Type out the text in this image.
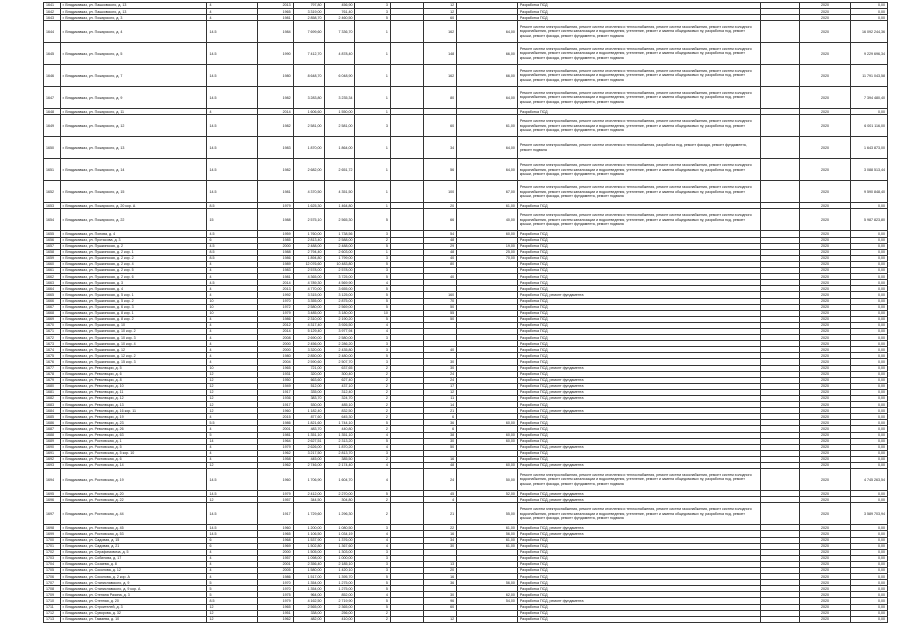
1641	г. Владикавказ, ул. Пашковского, д. 13	4	2013	797,80	456,90	3		12		Разработка ПСД		2020	0,00
1642	г. Владикавказ, ул. Пашковского, д. 13	4	1965	3 319,00	761,40	3		12		Разработка ПСД		2020	0,00
1643	г. Владикавказ, ул. Пожарского, д. 3	4	1981	2 858,70	2 460,50	5		60		Разработка ПСД		2020	0,00
1644	г. Владикавказ, ул. Пожарского, д. 4	14.5	1984	7 699,60	7 336,70	1		162	64,00	Ремонт систем электроснабжения, ремонт систем отопления и теплоснабжения, ремонт систем газоснабжения, ремонт систем холодного водоснабжения, ремонт систем канализации и водоотведения, утепление, ремонт и замена общедомовых пу, разработка псд, ремонт крыши, ремонт фасада, ремонт фундамента, ремонт подвала		2020	16 092 244,36
1645	г. Владикавказ, ул. Пожарского, д. 5	14.5	1990	7 412,70	4 878,40	1		148	66,00	Ремонт систем электроснабжения, ремонт систем отопления и теплоснабжения, ремонт систем газоснабжения, ремонт систем холодного водоснабжения, ремонт систем канализации и водоотведения, утепление, ремонт и замена общедомовых пу, разработка псд, ремонт крыши, ремонт фасада, ремонт фундамента, ремонт подвала		2020	9 229 696,34
1646	г. Владикавказ, ул. Пожарского, д. 7	14.5	1980	8 648,70	6 048,90	1		162	66,00	Ремонт систем электроснабжения, ремонт систем отопления и теплоснабжения, ремонт систем газоснабжения, ремонт систем холодного водоснабжения, ремонт систем канализации и водоотведения, утепление, ремонт и замена общедомовых пу, разработка псд, ремонт крыши, ремонт фасада, ремонт фундамента, ремонт подвала		2020	11 791 043,58
1647	г. Владикавказ, ул. Пожарского, д. 9	14.5	1982	3 283,80	3 235,34	1		80	64,00	Ремонт систем электроснабжения, ремонт систем отопления и теплоснабжения, ремонт систем газоснабжения, ремонт систем холодного водоснабжения, ремонт систем канализации и водоотведения, утепление, ремонт и замена общедомовых пу, разработка псд, ремонт крыши, ремонт фасада, ремонт фундамента, ремонт подвала		2020	7 394 480,40
1648	г. Владикавказ, ул. Пожарского, д. 11	4	2014	1 606,60	1 550,00	1				Разработка ПСД		2020	0,00
1649	г. Владикавказ, ул. Пожарского, д. 12	14.5	1982	2 581,00	2 581,00	3		60	61,00	Ремонт систем электроснабжения, ремонт систем отопления и теплоснабжения, ремонт систем газоснабжения, ремонт систем холодного водоснабжения, ремонт систем канализации и водоотведения, утепление, ремонт и замена общедомовых пу, разработка псд, ремонт крыши, ремонт фасада, ремонт фундамента, ремонт подвала		2020	6 001 116,00
1650	г. Владикавказ, ул. Пожарского, д. 13	14.5	1983	1 870,00	1 864,00	1		34	64,00	Ремонт систем электроснабжения, ремонт систем отопления и теплоснабжения, разработка псд, ремонт фасада, ремонт фундамента, ремонт подвала		2020	1 643 873,00
1651	г. Владикавказ, ул. Пожарского, д. 14	14.5	1982	2 682,00	2 651,72	1		56	64,00	Ремонт систем электроснабжения, ремонт систем отопления и теплоснабжения, ремонт систем газоснабжения, ремонт систем холодного водоснабжения, ремонт систем канализации и водоотведения, утепление, ремонт и замена общедомовых пу, разработка псд, ремонт крыши, ремонт фасада, ремонт фундамента, ремонт подвала		2020	3 088 513,44
1652	г. Владикавказ, ул. Пожарского, д. 15	14.5	1981	4 370,50	4 351,50	1		100	67,00	Ремонт систем электроснабжения, ремонт систем отопления и теплоснабжения, ремонт систем газоснабжения, ремонт систем холодного водоснабжения, ремонт систем канализации и водоотведения, утепление, ремонт и замена общедомовых пу, разработка псд, ремонт крыши, ремонт фасада, ремонт фундамента, ремонт подвала		2020	9 590 848,40
1653	г. Владикавказ, ул. Пожарского, д. 20 кор. А	8.5	1979	1 625,30	1 464,80	1		20	61,00	Разработка ПСД		2020	0,00
1654	г. Владикавказ, ул. Пожарского, д. 22	15	1988	2 575,10	2 565,30	5		66	40,00	Ремонт систем электроснабжения, ремонт систем отопления и теплоснабжения, ремонт систем газоснабжения, ремонт систем холодного водоснабжения, ремонт систем канализации и водоотведения, утепление, ремонт и замена общедомовых пу, разработка псд, ремонт крыши, ремонт фасада, ремонт фундамента, ремонт подвала		2020	5 987 823,80
1655	г. Владикавказ, ул. Попова, д. 4	4.5	1959	1 760,00	1 738,56	3		54	60,00	Разработка ПСД		2020	0,00
1656	г. Владикавказ, ул. Протасова, д. 3	6	1985	2 813,40	2 588,00	2		48		Разработка ПСД		2020	0,00
1657	г. Владикавказ, ул. Пушкинская, д. 2	4.5	2000	2 488,00	2 488,00	5		29	19,00	Разработка ПСД		2020	0,00
1658	г. Владикавказ, ул. Пушкинская, д. 2 кор. 1	8.5	1988	2 794,40	2 603,00	1		48	25,00	Разработка ПСД		2020	0,00
1659	г. Владикавказ, ул. Пушкинская, д. 2 кор. 2	8.5	1986	1 894,80	1 799,00	3		40	70,00	Разработка ПСД		2020	0,00
1660	г. Владикавказ, ул. Пушкинская, д. 2 кор. 4	4	1989	12 076,60	10 483,80	5		80		Разработка ПСД		2020	0,00
1661	г. Владикавказ, ул. Пушкинская, д. 2 кор. 5	4	1983	2 578,00	2 578,00	3				Разработка ПСД		2020	0,00
1662	г. Владикавказ, ул. Пушкинская, д. 2 кор. 6	4	1981	4 365,00	3 725,00	5		40		Разработка ПСД		2020	0,00
1663	г. Владикавказ, ул. Пушкинская, д. 3	4.5	2014	4 789,30	4 569,90	4				Разработка ПСД		2020	0,00
1664	г. Владикавказ, ул. Пушкинская, д. 4	4	2013	4 770,00	3 655,00	5				Разработка ПСД		2020	0,00
1665	г. Владикавказ, ул. Пушкинская, д. 5 кор. 1	4	1992	3 315,00	3 125,00	5		160		Разработка ПСД, ремонт фундамента		2020	0,00
1666	г. Владикавказ, ул. Пушкинская, д. 5 кор. 2	10	1970	3 355,00	2 875,00	5		70		Разработка ПСД		2020	0,00
1667	г. Владикавказ, ул. Пушкинская, д. 6 кор. 3	10	1972	2 580,00	2 569,00	5		50		Разработка ПСД		2020	0,00
1668	г. Владикавказ, ул. Пушкинская, д. 8 кор. 1	10	1979	3 485,00	3 180,00	10		55		Разработка ПСД		2020	0,00
1669	г. Владикавказ, ул. Пушкинская, д. 8 кор. 2	4	1986	2 310,00	2 190,20	5		50		Разработка ПСД		2020	0,00
1670	г. Владикавказ, ул. Пушкинская, д. 10	4	2012	4 317,40	3 926,50	4				Разработка ПСД		2020	0,00
1671	г. Владикавказ, ул. Пушкинская, д. 10 кор. 2	4	2014	5 129,40	3 977,94	4				Разработка ПСД		2020	0,00
1672	г. Владикавказ, ул. Пушкинская, д. 10 кор. 3	4	2008	2 690,00	2 580,00	3				Разработка ПСД		2020	0,00
1673	г. Владикавказ, ул. Пушкинская, д. 10 кор. 4	4	2000	2 456,00	2 286,20	3				Разработка ПСД		2020	0,00
1674	г. Владикавказ, ул. Пушкинская, д. 12	4	2000	3 320,00	2 435,80	3		40		Разработка ПСД		2020	0,00
1675	г. Владикавказ, ул. Пушкинская, д. 12 кор. 2	4	1980	2 850,00	2 480,00	5				Разработка ПСД		2020	0,00
1676	г. Владикавказ, ул. Пушкинская, д. 15 кор. 3	4	2004	2 590,60	2 507,70	3		30		Разработка ПСД		2020	0,00
1677	г. Владикавказ, ул. Революции, д. 5	10	1965	721,00	637,65	2		30		Разработка ПСД, ремонт фундамента		2020	0,00
1678	г. Владикавказ, ул. Революции, д. 6	12	1931	320,00	300,40	2		24		Разработка ПСД		2020	0,00
1679	г. Владикавказ, ул. Революции, д. 8	12	1950	663,60	627,40	2		24		Разработка ПСД, ремонт фундамента		2020	0,00
1680	г. Владикавказ, ул. Революции, д. 10	12	1949	512,00	437,10	2		17		Разработка ПСД, ремонт фундамента		2020	0,00
1681	г. Владикавказ, ул. Революции, д. 11	12	1917	335,00	312,40	2		12		Разработка ПСД, ремонт фундамента		2020	0,00
1682	г. Владикавказ, ул. Революции, д. 12	12	1936	383,70	324,70	2		11		Разработка ПСД, ремонт фундамента		2020	0,00
1683	г. Владикавказ, ул. Революции, д. 13	12	1917	530,00	485,10	2		14		Разработка ПСД		2020	0,00
1684	г. Владикавказ, ул. Революции, д. 16 кор. 11	12	1960	1 182,40	832,50	2		21		Разработка ПСД, ремонт фундамента		2020	0,00
1685	г. Владикавказ, ул. Революции, д. 19	4	2015	877,60	645,30	2		6		Разработка ПСД		2020	0,00
1686	г. Владикавказ, ул. Революции, д. 23	5.5	1986	1 821,60	1 744,10	5		36	60,00	Разработка ПСД		2020	0,00
1687	г. Владикавказ, ул. Революции, д. 26	4	2001	483,70	440,80	2		6		Разработка ПСД		2020	0,00
1688	г. Владикавказ, ул. Революции, д. 63	5	1981	1 351,10	1 351,10	4		38	60,00	Разработка ПСД		2020	0,00
1689	г. Владикавказ, ул. Ростовская, д. 1	14	1964	2 627,51	2 313,20	5		30	60,00	Разработка ПСД		2020	0,00
1690	г. Владикавказ, ул. Ростовская, д. 5	4	1979	2 626,00	1 870,20	4		50		Разработка ПСД, ремонт фундамента		2020	0,00
1691	г. Владикавказ, ул. Ростовская, д. 5 кор. 10	4	1962	3 217,50	2 813,70	3				Разработка ПСД		2020	0,00
1692	г. Владикавказ, ул. Ростовская, д. 6	4	1958	445,00	385,50	2		16		Разработка ПСД		2020	0,00
1693	г. Владикавказ, ул. Ростовская, д. 14	12	1962	2 746,00	2 174,40	4		48	60,00	Разработка ПСД, ремонт фундамента		2020	0,00
1694	г. Владикавказ, ул. Ростовская, д. 19	14.5	1960	1 706,90	1 604,70	4		24	50,00	Ремонт систем электроснабжения, ремонт систем отопления и теплоснабжения, ремонт систем газоснабжения, ремонт систем холодного водоснабжения, ремонт систем канализации и водоотведения, утепление, ремонт и замена общедомовых пу, разработка псд, ремонт крыши, ремонт фасада, ремонт фундамента, ремонт подвала		2020	4 745 263,54
1695	г. Владикавказ, ул. Ростовская, д. 20	14.5	1979	2 412,00	2 270,00	5		45	52,00	Разработка ПСД, ремонт фундамента		2020	0,00
1696	г. Владикавказ, ул. Ростовская, д. 22	12	1957	344,50	304,80	2		4		Разработка ПСД, ремонт фундамента		2020	0,00
1697	г. Владикавказ, ул. Ростовская, д. 44	14.5	1917	1 729,60	1 296,30	2		21	55,00	Ремонт систем электроснабжения, ремонт систем отопления и теплоснабжения, ремонт систем газоснабжения, ремонт систем холодного водоснабжения, ремонт систем канализации и водоотведения, утепление, ремонт и замена общедомовых пу, разработка псд, ремонт крыши, ремонт фасада, ремонт фундамента, ремонт подвала		2020	3 589 703,94
1698	г. Владикавказ, ул. Ростовская, д. 45	14.5	1960	1 200,00	1 080,50	3		22	61,00	Разработка ПСД, ремонт фундамента		2020	0,00
1699	г. Владикавказ, ул. Ростовская, д. 53	14.5	1965	1 106,50	1 034,19	4		16	56,00	Разработка ПСД, ремонт фундамента		2020	0,00
1700	г. Владикавказ, ул. Садовая, д. 15	6	1968	1 537,90	1 376,00	4		34	61,00	Разработка ПСД		2020	0,00
1701	г. Владикавказ, ул. Садовая, д. 21	6	1969	1 502,80	1 367,60	4		30	61,00	Разработка ПСД		2020	0,00
1702	г. Владикавказ, ул. Серафимовича, д. 5	4	2000	1 505,00	1 303,00	3				Разработка ПСД		2020	0,00
1703	г. Владикавказ, ул. Собинова, д. 17	4	1957	1 098,00	1 000,00	3				Разработка ПСД		2020	0,00
1704	г. Владикавказ, ул. Созаева, д. 8	4	2001	2 356,40	2 185,10	3		13		Разработка ПСД		2020	0,00
1705	г. Владикавказ, ул. Соколова, д. 12	4	2005	1 580,00	1 420,10	3		20		Разработка ПСД		2020	0,00
1706	г. Владикавказ, ул. Соколова, д. 2 кор. А	4	1986	1 517,00	1 395,70	5		16		Разработка ПСД		2020	0,00
1707	г. Владикавказ, ул. Станиславского, д. 9	5	1970	1 354,00	1 275,00	5		36	56,00	Разработка ПСД		2020	0,00
1708	г. Владикавказ, ул. Станиславского, д. 9 кор. А	5	1970	1 354,00	1 275,00	5				Разработка ПСД		2020	0,00
1709	г. Владикавказ, ул. Степана Разина, д. 3	5	1975	964,00	852,00	4		30	62,00	Разработка ПСД		2020	0,00
1710	г. Владикавказ, ул. Степная, д. 20	8.5	1979	4 162,50	2 719,90	5		96	54,00	Разработка ПСД, ремонт фундамента		2020	0,00
1711	г. Владикавказ, ул. Строителей, д. 3	12	1965	2 565,00	2 365,00	5		60		Разработка ПСД		2020	0,00
1712	г. Владикавказ, ул. Суворова, д. 32	12	1951	338,00	256,00	2				Разработка ПСД		2020	0,00
1713	г. Владикавказ, ул. Тамаева, д. 10	12	1962	482,00	410,00	2		12		Разработка ПСД		2020	0,00
